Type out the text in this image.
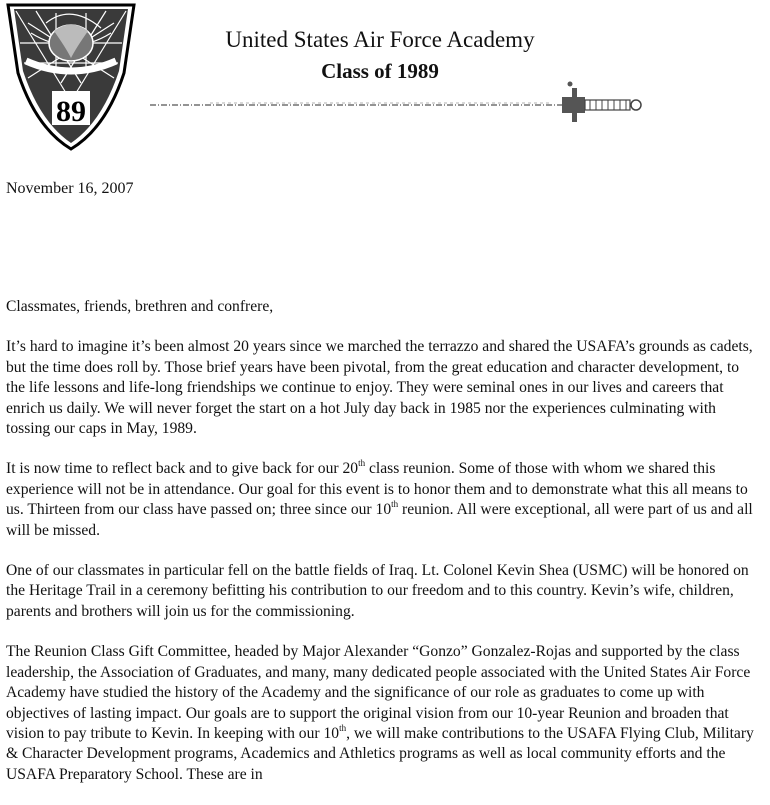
89
United States Air Force Academy
Class of 1989
November 16, 2007

Classmates, friends, brethren and confrere,

It’s hard to imagine it’s been almost 20 years since we marched the terrazzo and shared the USAFA’s grounds as cadets, but the time does roll by. Those brief years have been pivotal, from the great education and character development, to the life lessons and life-long friendships we continue to enjoy. They were seminal ones in our lives and careers that enrich us daily. We will never forget the start on a hot July day back in 1985 nor the experiences culminating with tossing our caps in May, 1989.

It is now time to reflect back and to give back for our 20th class reunion. Some of those with whom we shared this experience will not be in attendance. Our goal for this event is to honor them and to demonstrate what this all means to us. Thirteen from our class have passed on; three since our 10th reunion. All were exceptional, all were part of us and all will be missed.

One of our classmates in particular fell on the battle fields of Iraq. Lt. Colonel Kevin Shea (USMC) will be honored on the Heritage Trail in a ceremony befitting his contribution to our freedom and to this country. Kevin’s wife, children, parents and brothers will join us for the commissioning.

The Reunion Class Gift Committee, headed by Major Alexander “Gonzo” Gonzalez-Rojas and supported by the class leadership, the Association of Graduates, and many, many dedicated people associated with the United States Air Force Academy have studied the history of the Academy and the significance of our role as graduates to come up with objectives of lasting impact. Our goals are to support the original vision from our 10-year Reunion and broaden that vision to pay tribute to Kevin. In keeping with our 10th, we will make contributions to the USAFA Flying Club, Military & Character Development programs, Academics and Athletics programs as well as local community efforts and the USAFA Preparatory School. These are in
